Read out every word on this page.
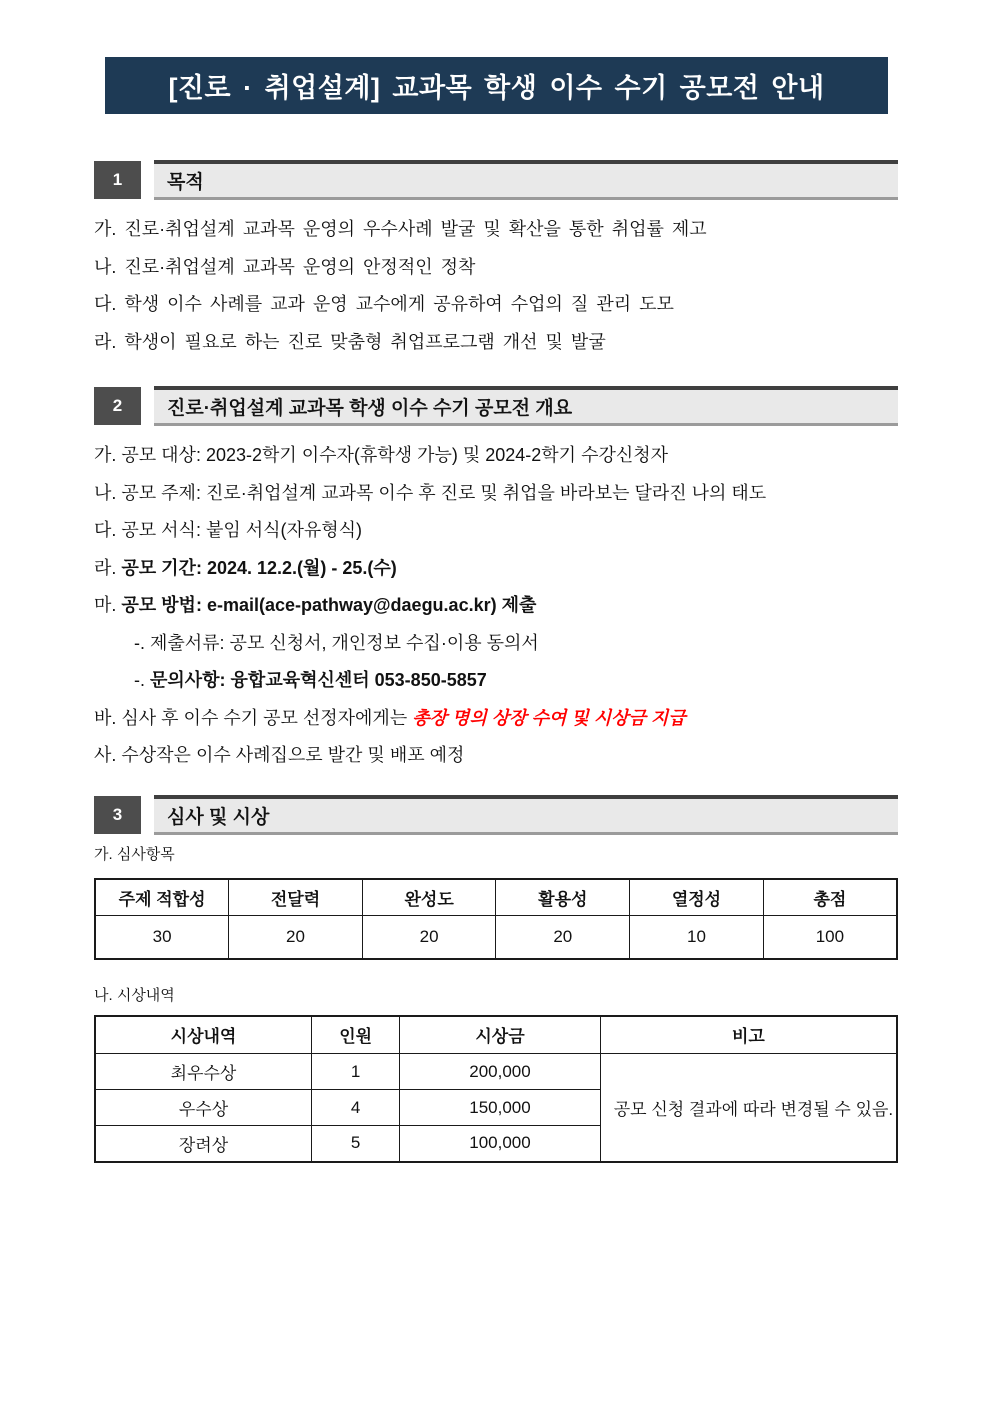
[진로 · 취업설계] 교과목 학생 이수 수기 공모전 안내
1	목적

가. 진로·취업설계 교과목 운영의 우수사례 발굴 및 확산을 통한 취업률 제고

나. 진로·취업설계 교과목 운영의 안정적인 정착

다. 학생 이수 사례를 교과 운영 교수에게 공유하여 수업의 질 관리 도모

라. 학생이 필요로 하는 진로 맞춤형 취업프로그램 개선 및 발굴

2	진로·취업설계 교과목 학생 이수 수기 공모전 개요

가. 공모 대상: 2023-2학기 이수자(휴학생 가능) 및 2024-2학기 수강신청자

나. 공모 주제: 진로·취업설계 교과목 이수 후 진로 및 취업을 바라보는 달라진 나의 태도

다. 공모 서식: 붙임 서식(자유형식)

라. 공모 기간: 2024. 12.2.(월) - 25.(수)

마. 공모 방법: e-mail(ace-pathway@daegu.ac.kr) 제출

-. 제출서류: 공모 신청서, 개인정보 수집·이용 동의서

-. 문의사항: 융합교육혁신센터 053-850-5857

바. 심사 후 이수 수기 공모 선정자에게는 총장 명의 상장 수여 및 시상금 지급

사. 수상작은 이수 사례집으로 발간 및 배포 예정

3	심사 및 시상

가. 심사항목

주제 적합성	전달력	완성도	활용성	열정성	총점
30	20	20	20	10	100

나. 시상내역

시상내역	인원	시상금	비고
최우수상	1	200,000	공모 신청 결과에 따라 변경될 수 있음.
우수상	4	150,000	
장려상	5	100,000	
